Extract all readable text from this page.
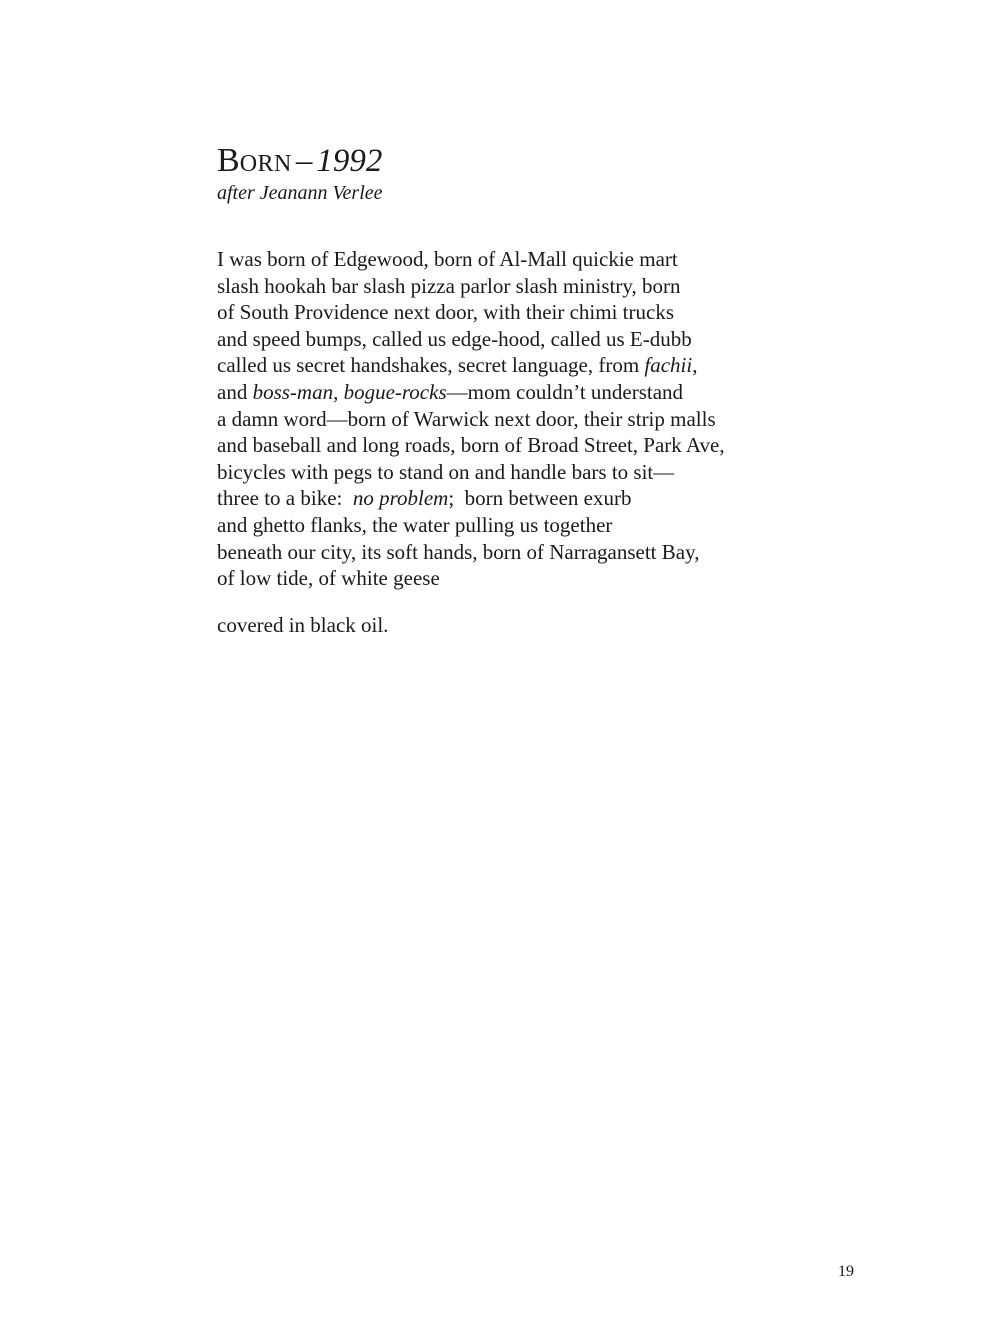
BORN – 1992
after Jeanann Verlee
I was born of Edgewood, born of Al-Mall quickie mart
slash hookah bar slash pizza parlor slash ministry, born
of South Providence next door, with their chimi trucks
and speed bumps, called us edge-hood, called us E-dubb
called us secret handshakes, secret language, from fachii,
and boss-man, bogue-rocks—mom couldn’t understand
a damn word—born of Warwick next door, their strip malls
and baseball and long roads, born of Broad Street, Park Ave,
bicycles with pegs to stand on and handle bars to sit—
three to a bike:  no problem;  born between exurb
and ghetto flanks, the water pulling us together
beneath our city, its soft hands, born of Narragansett Bay,
of low tide, of white geese
covered in black oil.
19
